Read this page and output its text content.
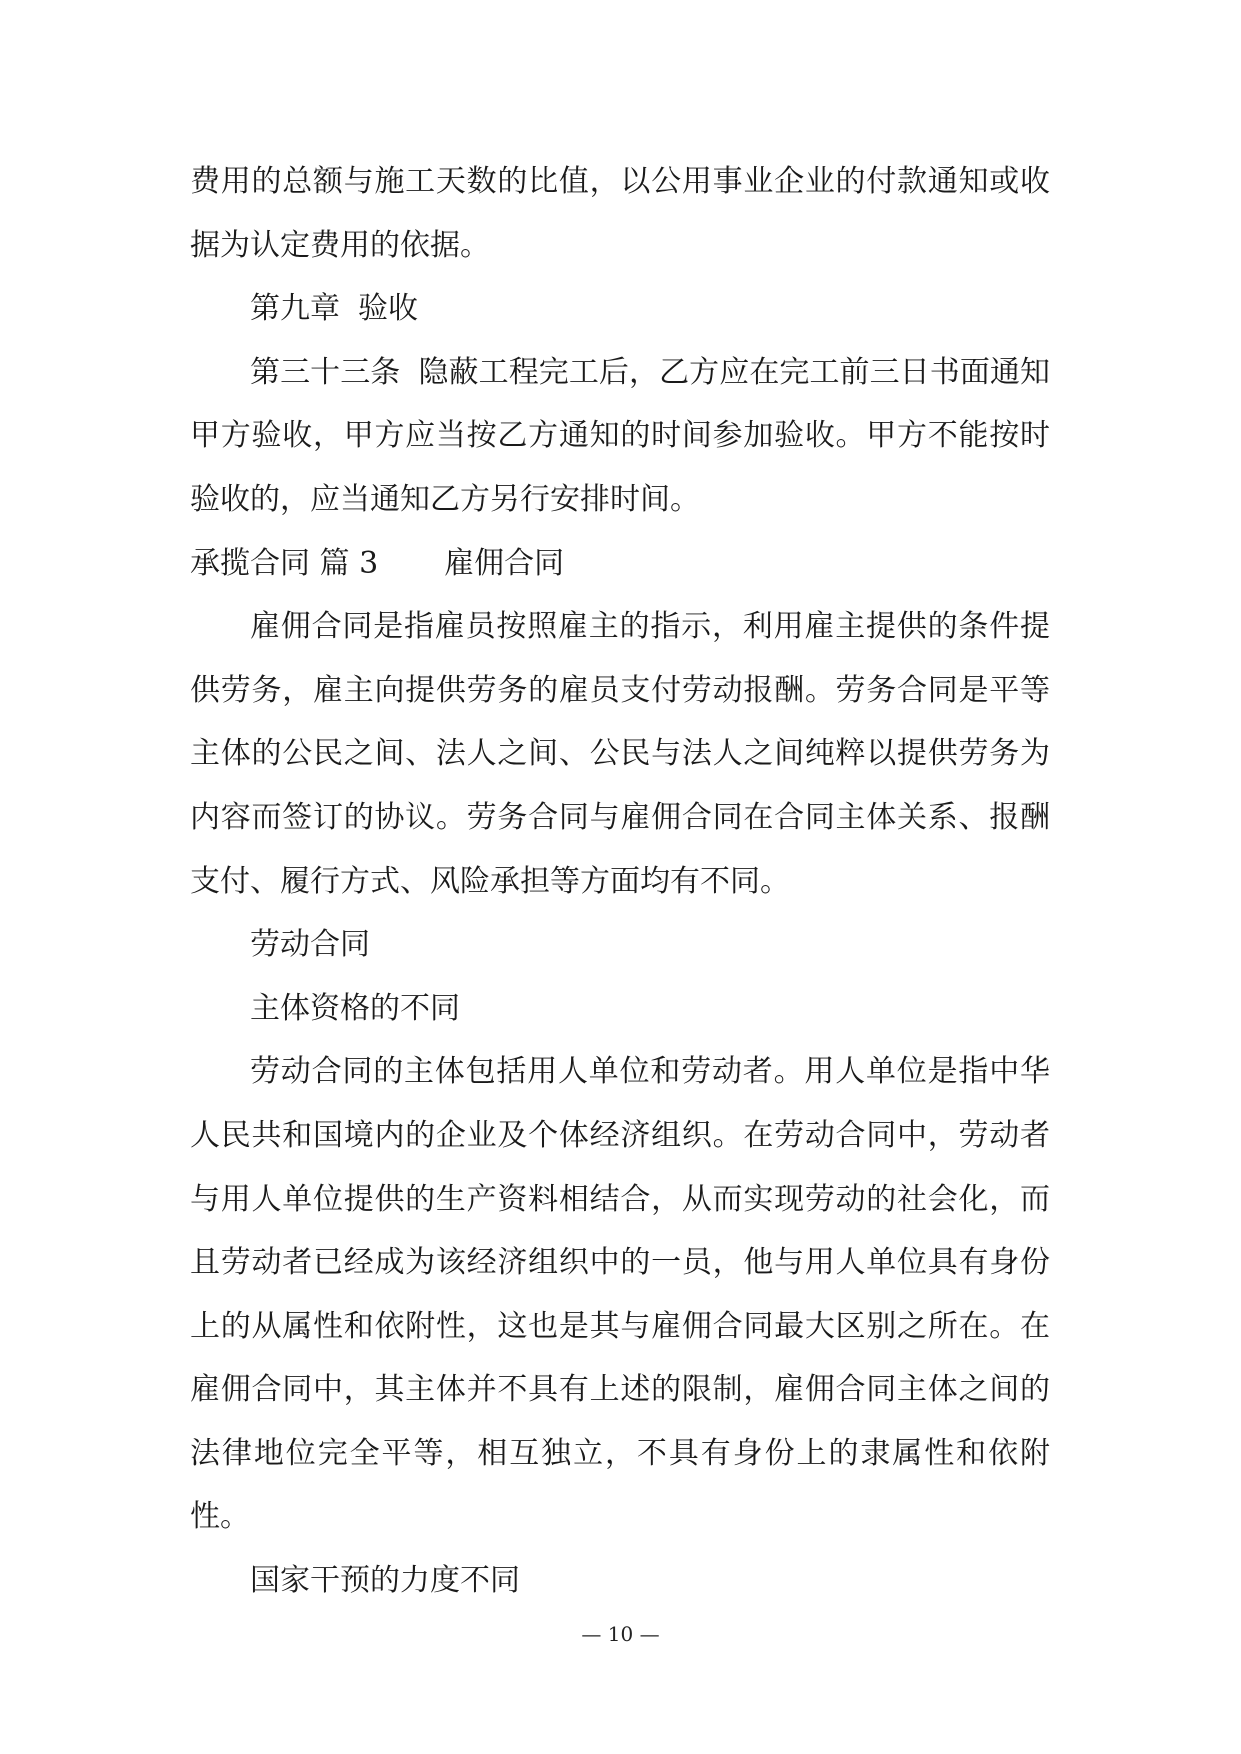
费用的总额与施工天数的比值，以公用事业企业的付款通知或收据为认定费用的依据。

第九章 验收

第三十三条 隐蔽工程完工后，乙方应在完工前三日书面通知甲方验收，甲方应当按乙方通知的时间参加验收。甲方不能按时验收的，应当通知乙方另行安排时间。

承揽合同 篇 3 雇佣合同

雇佣合同是指雇员按照雇主的指示，利用雇主提供的条件提供劳务，雇主向提供劳务的雇员支付劳动报酬。劳务合同是平等主体的公民之间、法人之间、公民与法人之间纯粹以提供劳务为内容而签订的协议。劳务合同与雇佣合同在合同主体关系、报酬支付、履行方式、风险承担等方面均有不同。

劳动合同

主体资格的不同

劳动合同的主体包括用人单位和劳动者。用人单位是指中华人民共和国境内的企业及个体经济组织。在劳动合同中，劳动者与用人单位提供的生产资料相结合，从而实现劳动的社会化，而且劳动者已经成为该经济组织中的一员，他与用人单位具有身份上的从属性和依附性，这也是其与雇佣合同最大区别之所在。在雇佣合同中，其主体并不具有上述的限制，雇佣合同主体之间的法律地位完全平等，相互独立，不具有身份上的隶属性和依附性。

国家干预的力度不同

— 10 —
